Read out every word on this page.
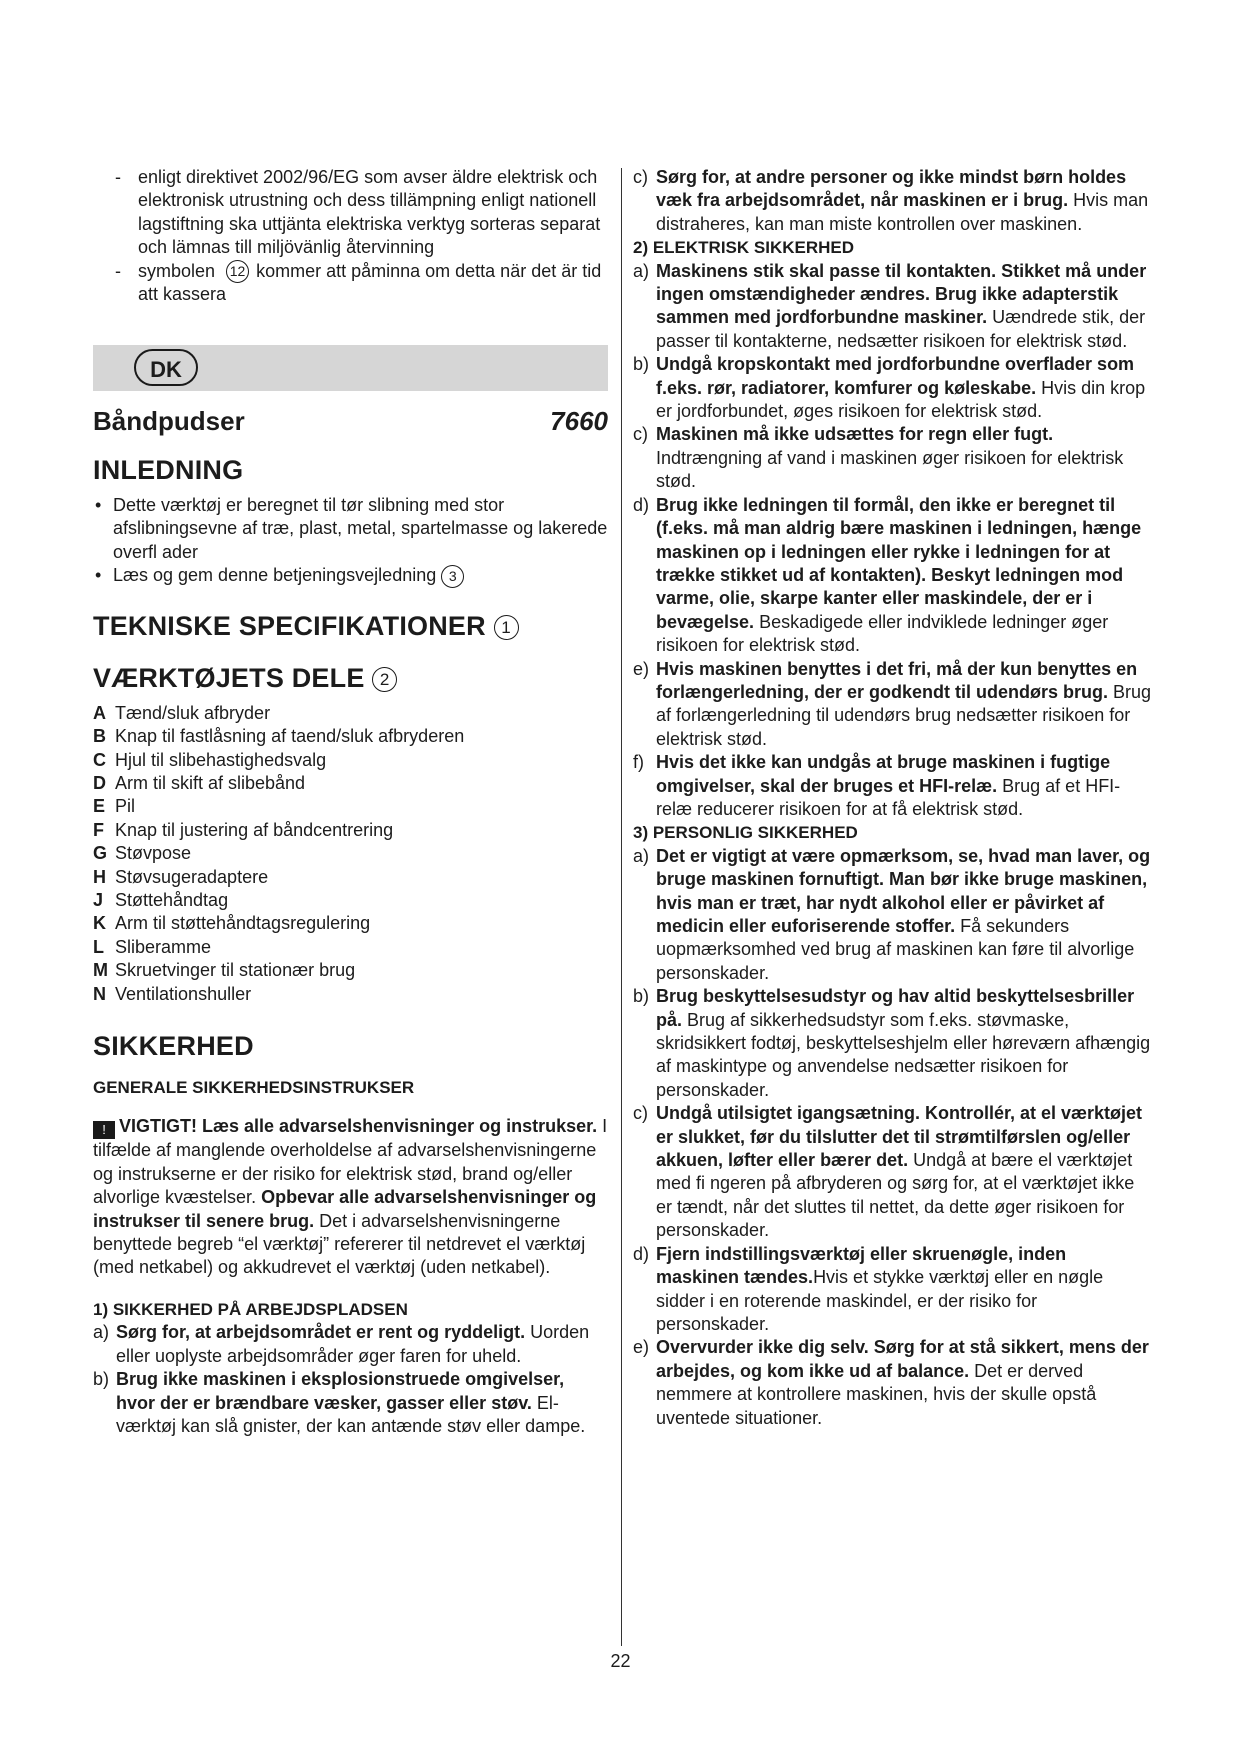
- enligt direktivet 2002/96/EG som avser äldre elektrisk och elektronisk utrustning och dess tillämpning enligt nationell lagstiftning ska uttjänta elektriska verktyg sorteras separat och lämnas till miljövänlig återvinning
- symbolen 12 kommer att påminna om detta när det är tid att kassera
DK
Båndpudser	7660
INLEDNING
• Dette værktøj er beregnet til tør slibning med stor afslibningsevne af træ, plast, metal, spartelmasse og lakerede overfl ader
• Læs og gem denne betjeningsvejledning 3
TEKNISKE SPECIFIKATIONER 1
VÆRKTØJETS DELE 2
A Tænd/sluk afbryder
B Knap til fastlåsning af taend/sluk afbryderen
C Hjul til slibehastighedsvalg
D Arm til skift af slibebånd
E Pil
F Knap til justering af båndcentrering
G Støvpose
H Støvsugeradaptere
J Støttehåndtag
K Arm til støttehåndtagsregulering
L Sliberamme
M Skruetvinger til stationær brug
N Ventilationshuller
SIKKERHED
GENERALE SIKKERHEDSINSTRUKSER
! VIGTIGT! Læs alle advarselshenvisninger og instrukser. I tilfælde af manglende overholdelse af advarselshenvisningerne og instrukserne er der risiko for elektrisk stød, brand og/eller alvorlige kvæstelser. Opbevar alle advarselshenvisninger og instrukser til senere brug. Det i advarselshenvisningerne benyttede begreb “el værktøj” refererer til netdrevet el værktøj (med netkabel) og akkudrevet el værktøj (uden netkabel).
1) SIKKERHED PÅ ARBEJDSPLADSEN
a) Sørg for, at arbejdsområdet er rent og ryddeligt. Uorden eller uoplyste arbejdsområder øger faren for uheld.
b) Brug ikke maskinen i eksplosionstruede omgivelser, hvor der er brændbare væsker, gasser eller støv. El-værktøj kan slå gnister, der kan antænde støv eller dampe.
c) Sørg for, at andre personer og ikke mindst børn holdes væk fra arbejdsområdet, når maskinen er i brug. Hvis man distraheres, kan man miste kontrollen over maskinen.
2) ELEKTRISK SIKKERHED
a) Maskinens stik skal passe til kontakten. Stikket må under ingen omstændigheder ændres. Brug ikke adapterstik sammen med jordforbundne maskiner. Uændrede stik, der passer til kontakterne, nedsætter risikoen for elektrisk stød.
b) Undgå kropskontakt med jordforbundne overflader som f.eks. rør, radiatorer, komfurer og køleskabe. Hvis din krop er jordforbundet, øges risikoen for elektrisk stød.
c) Maskinen må ikke udsættes for regn eller fugt. Indtrængning af vand i maskinen øger risikoen for elektrisk stød.
d) Brug ikke ledningen til formål, den ikke er beregnet til (f.eks. må man aldrig bære maskinen i ledningen, hænge maskinen op i ledningen eller rykke i ledningen for at trække stikket ud af kontakten). Beskyt ledningen mod varme, olie, skarpe kanter eller maskindele, der er i bevægelse. Beskadigede eller indviklede ledninger øger risikoen for elektrisk stød.
e) Hvis maskinen benyttes i det fri, må der kun benyttes en forlængerledning, der er godkendt til udendørs brug. Brug af forlængerledning til udendørs brug nedsætter risikoen for elektrisk stød.
f) Hvis det ikke kan undgås at bruge maskinen i fugtige omgivelser, skal der bruges et HFI-relæ. Brug af et HFI-relæ reducerer risikoen for at få elektrisk stød.
3) PERSONLIG SIKKERHED
a) Det er vigtigt at være opmærksom, se, hvad man laver, og bruge maskinen fornuftigt. Man bør ikke bruge maskinen, hvis man er træt, har nydt alkohol eller er påvirket af medicin eller euforiserende stoffer. Få sekunders uopmærksomhed ved brug af maskinen kan føre til alvorlige personskader.
b) Brug beskyttelsesudstyr og hav altid beskyttelsesbriller på. Brug af sikkerhedsudstyr som f.eks. støvmaske, skridsikkert fodtøj, beskyttelseshjelm eller høreværn afhængig af maskintype og anvendelse nedsætter risikoen for personskader.
c) Undgå utilsigtet igangsætning. Kontrollér, at el værktøjet er slukket, før du tilslutter det til strømtilførslen og/eller akkuen, løfter eller bærer det. Undgå at bære el værktøjet med fi ngeren på afbryderen og sørg for, at el værktøjet ikke er tændt, når det sluttes til nettet, da dette øger risikoen for personskader.
d) Fjern indstillingsværktøj eller skruenøgle, inden maskinen tændes.Hvis et stykke værktøj eller en nøgle sidder i en roterende maskindel, er der risiko for personskader.
e) Overvurder ikke dig selv. Sørg for at stå sikkert, mens der arbejdes, og kom ikke ud af balance. Det er derved nemmere at kontrollere maskinen, hvis der skulle opstå uventede situationer.
22
